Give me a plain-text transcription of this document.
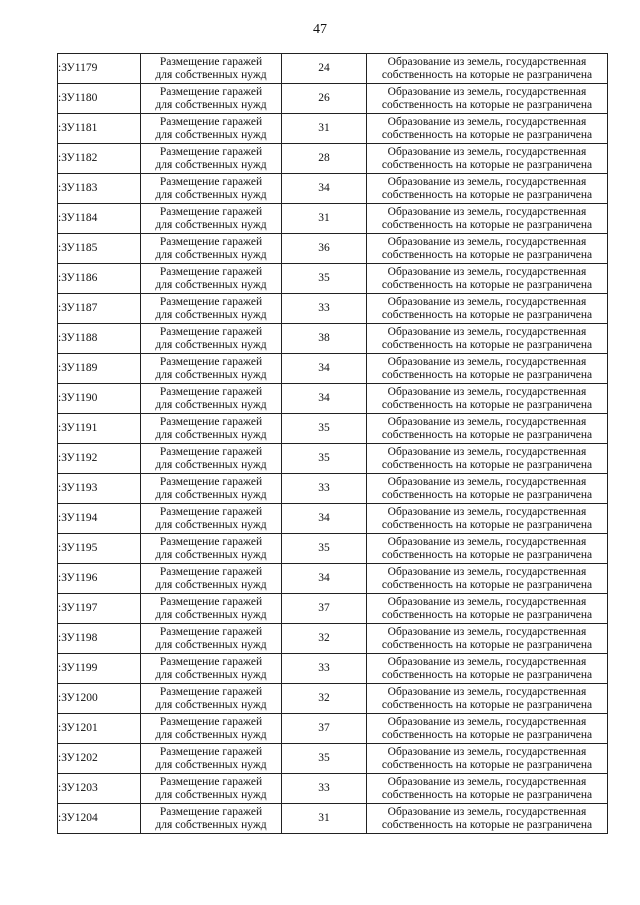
47
:ЗУ1179	Размещение гаражей
для собственных нужд	24	Образование из земель, государственная
собственность на которые не разграничена

:ЗУ1180	Размещение гаражей
для собственных нужд	26	Образование из земель, государственная
собственность на которые не разграничена

:ЗУ1181	Размещение гаражей
для собственных нужд	31	Образование из земель, государственная
собственность на которые не разграничена

:ЗУ1182	Размещение гаражей
для собственных нужд	28	Образование из земель, государственная
собственность на которые не разграничена

:ЗУ1183	Размещение гаражей
для собственных нужд	34	Образование из земель, государственная
собственность на которые не разграничена

:ЗУ1184	Размещение гаражей
для собственных нужд	31	Образование из земель, государственная
собственность на которые не разграничена

:ЗУ1185	Размещение гаражей
для собственных нужд	36	Образование из земель, государственная
собственность на которые не разграничена

:ЗУ1186	Размещение гаражей
для собственных нужд	35	Образование из земель, государственная
собственность на которые не разграничена

:ЗУ1187	Размещение гаражей
для собственных нужд	33	Образование из земель, государственная
собственность на которые не разграничена

:ЗУ1188	Размещение гаражей
для собственных нужд	38	Образование из земель, государственная
собственность на которые не разграничена

:ЗУ1189	Размещение гаражей
для собственных нужд	34	Образование из земель, государственная
собственность на которые не разграничена

:ЗУ1190	Размещение гаражей
для собственных нужд	34	Образование из земель, государственная
собственность на которые не разграничена

:ЗУ1191	Размещение гаражей
для собственных нужд	35	Образование из земель, государственная
собственность на которые не разграничена

:ЗУ1192	Размещение гаражей
для собственных нужд	35	Образование из земель, государственная
собственность на которые не разграничена

:ЗУ1193	Размещение гаражей
для собственных нужд	33	Образование из земель, государственная
собственность на которые не разграничена

:ЗУ1194	Размещение гаражей
для собственных нужд	34	Образование из земель, государственная
собственность на которые не разграничена

:ЗУ1195	Размещение гаражей
для собственных нужд	35	Образование из земель, государственная
собственность на которые не разграничена

:ЗУ1196	Размещение гаражей
для собственных нужд	34	Образование из земель, государственная
собственность на которые не разграничена

:ЗУ1197	Размещение гаражей
для собственных нужд	37	Образование из земель, государственная
собственность на которые не разграничена

:ЗУ1198	Размещение гаражей
для собственных нужд	32	Образование из земель, государственная
собственность на которые не разграничена

:ЗУ1199	Размещение гаражей
для собственных нужд	33	Образование из земель, государственная
собственность на которые не разграничена

:ЗУ1200	Размещение гаражей
для собственных нужд	32	Образование из земель, государственная
собственность на которые не разграничена

:ЗУ1201	Размещение гаражей
для собственных нужд	37	Образование из земель, государственная
собственность на которые не разграничена

:ЗУ1202	Размещение гаражей
для собственных нужд	35	Образование из земель, государственная
собственность на которые не разграничена

:ЗУ1203	Размещение гаражей
для собственных нужд	33	Образование из земель, государственная
собственность на которые не разграничена

:ЗУ1204	Размещение гаражей
для собственных нужд	31	Образование из земель, государственная
собственность на которые не разграничена
